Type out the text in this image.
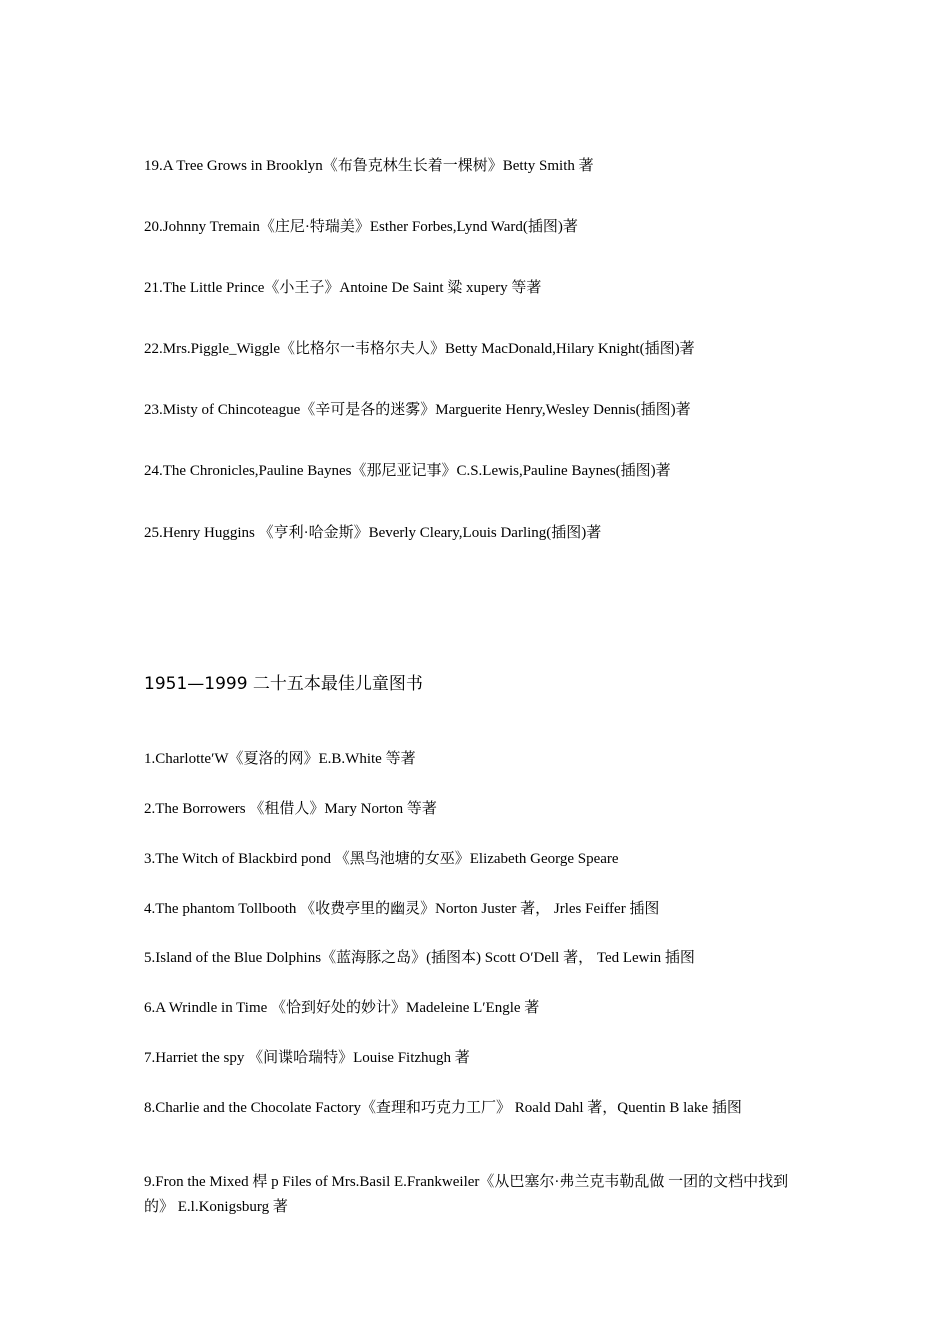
19.A Tree Grows in Brooklyn《布鲁克林生长着一棵树》Betty Smith 著
20.Johnny Tremain《庄尼·特瑞美》Esther Forbes,Lynd Ward(插图)著
21.The Little Prince《小王子》Antoine De Saint 粱 xupery 等著
22.Mrs.Piggle_Wiggle《比格尔一韦格尔夫人》Betty MacDonald,Hilary Knight(插图)著
23.Misty of Chincoteague《辛可是各的迷雾》Marguerite Henry,Wesley Dennis(插图)著
24.The Chronicles,Pauline Baynes《那尼亚记事》C.S.Lewis,Pauline Baynes(插图)著
25.Henry Huggins 《亨利·哈金斯》Beverly Cleary,Louis Darling(插图)著
1951—1999 二十五本最佳儿童图书
1.Charlotte′W《夏洛的网》E.B.White 等著
2.The Borrowers 《租借人》Mary Norton 等著
3.The Witch of Blackbird pond 《黑鸟池塘的女巫》Elizabeth George Speare
4.The phantom Tollbooth 《收费亭里的幽灵》Norton Juster 著， Jrles Feiffer 插图
5.Island of the Blue Dolphins《蓝海豚之岛》(插图本) Scott O′Dell 著， Ted Lewin 插图
6.A Wrindle in Time 《恰到好处的妙计》Madeleine L′Engle 著
7.Harriet the spy 《间谍哈瑞特》Louise Fitzhugh 著
8.Charlie and the Chocolate Factory《查理和巧克力工厂》 Roald Dahl 著，Quentin B lake 插图
9.Fron the Mixed 桿 p Files of Mrs.Basil E.Frankweiler《从巴塞尔·弗兰克韦勒乱做 一团的文档中找到的》 E.l.Konigsburg 著
